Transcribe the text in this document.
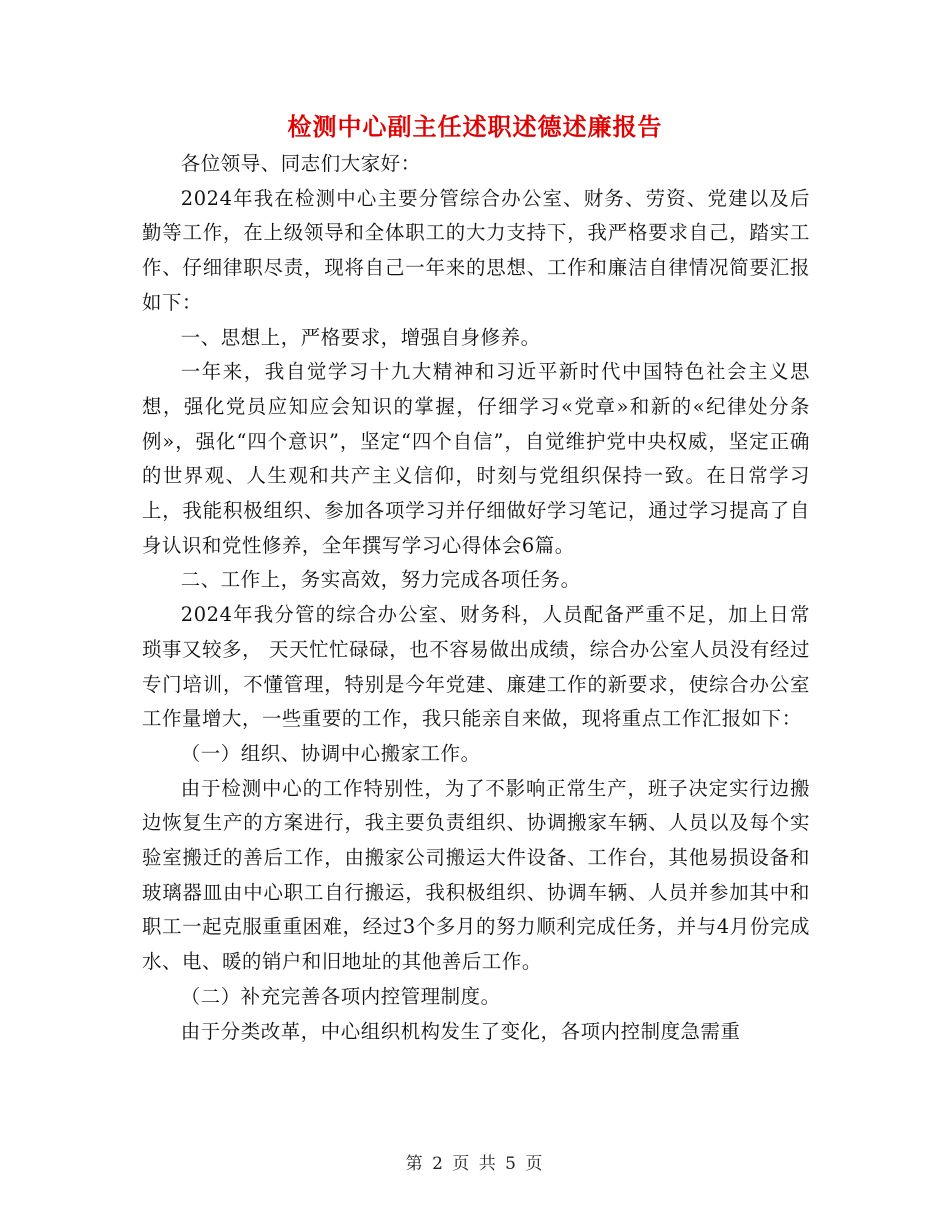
检测中心副主任述职述德述廉报告

各位领导、同志们大家好：

2024年我在检测中心主要分管综合办公室、财务、劳资、党建以及后勤等工作，在上级领导和全体职工的大力支持下，我严格要求自己，踏实工作、仔细律职尽责，现将自己一年来的思想、工作和廉洁自律情况简要汇报如下：

一、思想上，严格要求，增强自身修养。

一年来，我自觉学习十九大精神和习近平新时代中国特色社会主义思想，强化党员应知应会知识的掌握，仔细学习«党章»和新的«纪律处分条例»，强化“四个意识”，坚定“四个自信”，自觉维护党中央权威，坚定正确的世界观、人生观和共产主义信仰，时刻与党组织保持一致。在日常学习上，我能积极组织、参加各项学习并仔细做好学习笔记，通过学习提高了自身认识和党性修养，全年撰写学习心得体会6篇。

二、工作上，务实高效，努力完成各项任务。

2024年我分管的综合办公室、财务科，人员配备严重不足，加上日常琐事又较多， 天天忙忙碌碌，也不容易做出成绩，综合办公室人员没有经过专门培训，不懂管理，特别是今年党建、廉建工作的新要求，使综合办公室工作量增大，一些重要的工作，我只能亲自来做，现将重点工作汇报如下：

（一）组织、协调中心搬家工作。

由于检测中心的工作特别性，为了不影响正常生产，班子决定实行边搬边恢复生产的方案进行，我主要负责组织、协调搬家车辆、人员以及每个实验室搬迁的善后工作，由搬家公司搬运大件设备、工作台，其他易损设备和玻璃器皿由中心职工自行搬运，我积极组织、协调车辆、人员并参加其中和职工一起克服重重困难，经过3个多月的努力顺利完成任务，并与4月份完成水、电、暖的销户和旧地址的其他善后工作。

（二）补充完善各项内控管理制度。

由于分类改革，中心组织机构发生了变化，各项内控制度急需重

第 2 页 共 5 页
